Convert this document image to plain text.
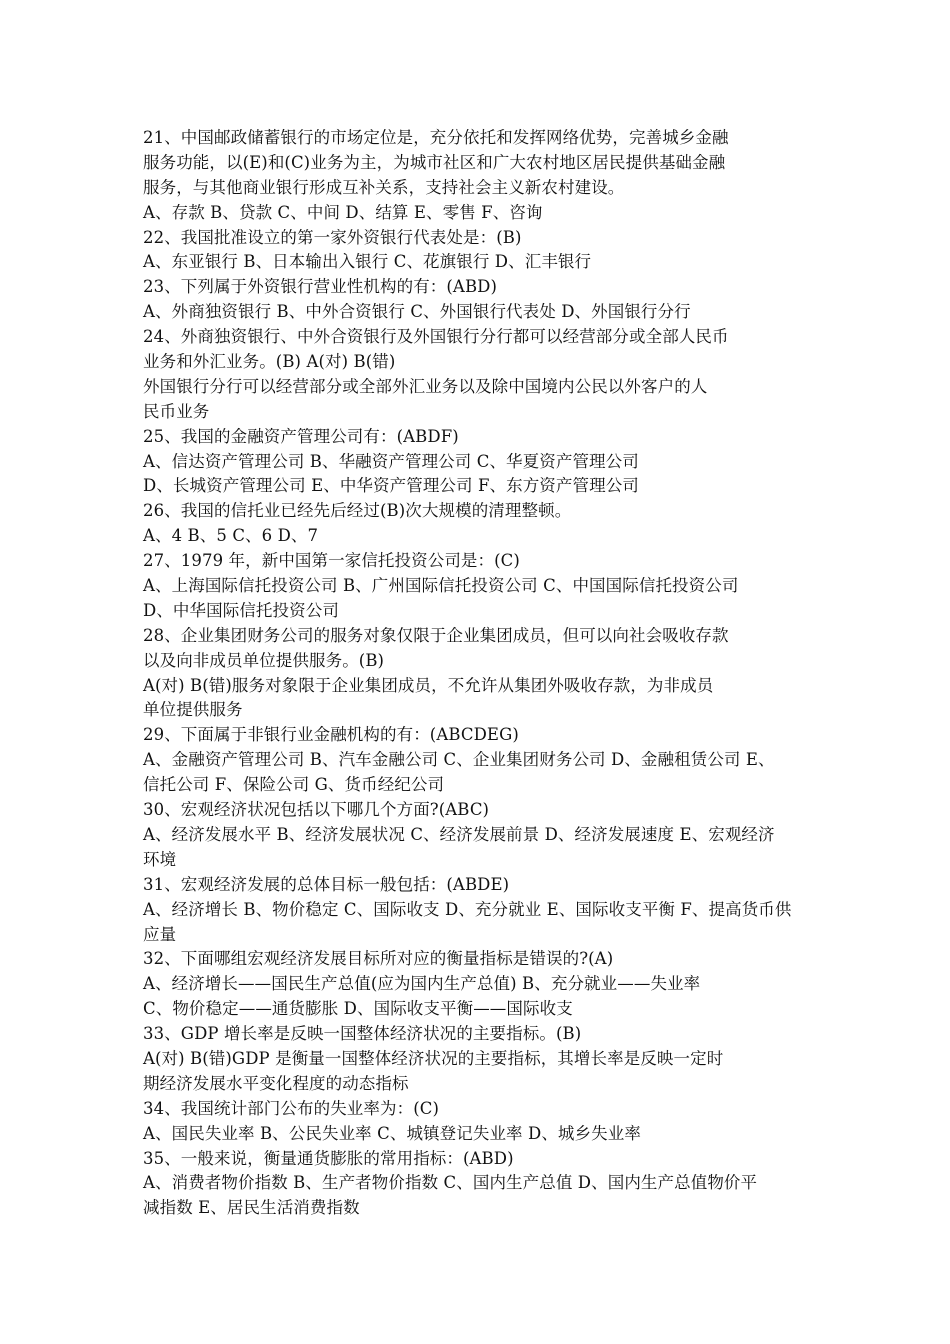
21、中国邮政储蓄银行的市场定位是，充分依托和发挥网络优势，完善城乡金融
服务功能，以(E)和(C)业务为主，为城市社区和广大农村地区居民提供基础金融
服务，与其他商业银行形成互补关系，支持社会主义新农村建设。
A、存款 B、贷款 C、中间 D、结算 E、零售 F、咨询
22、我国批准设立的第一家外资银行代表处是：(B)
A、东亚银行 B、日本输出入银行 C、花旗银行 D、汇丰银行
23、下列属于外资银行营业性机构的有：(ABD)
A、外商独资银行 B、中外合资银行 C、外国银行代表处 D、外国银行分行
24、外商独资银行、中外合资银行及外国银行分行都可以经营部分或全部人民币
业务和外汇业务。(B) A(对) B(错)
外国银行分行可以经营部分或全部外汇业务以及除中国境内公民以外客户的人
民币业务
25、我国的金融资产管理公司有：(ABDF)
A、信达资产管理公司 B、华融资产管理公司 C、华夏资产管理公司
D、长城资产管理公司 E、中华资产管理公司 F、东方资产管理公司
26、我国的信托业已经先后经过(B)次大规模的清理整顿。
A、4 B、5 C、6 D、7
27、1979 年，新中国第一家信托投资公司是：(C)
A、上海国际信托投资公司 B、广州国际信托投资公司 C、中国国际信托投资公司
D、中华国际信托投资公司
28、企业集团财务公司的服务对象仅限于企业集团成员，但可以向社会吸收存款
以及向非成员单位提供服务。(B)
A(对) B(错)服务对象限于企业集团成员，不允许从集团外吸收存款，为非成员
单位提供服务
29、下面属于非银行业金融机构的有：(ABCDEG)
A、金融资产管理公司 B、汽车金融公司 C、企业集团财务公司 D、金融租赁公司 E、
信托公司 F、保险公司 G、货币经纪公司
30、宏观经济状况包括以下哪几个方面?(ABC)
A、经济发展水平 B、经济发展状况 C、经济发展前景 D、经济发展速度 E、宏观经济
环境
31、宏观经济发展的总体目标一般包括：(ABDE)
A、经济增长 B、物价稳定 C、国际收支 D、充分就业 E、国际收支平衡 F、提高货币供
应量
32、下面哪组宏观经济发展目标所对应的衡量指标是错误的?(A)
A、经济增长——国民生产总值(应为国内生产总值) B、充分就业——失业率
C、物价稳定——通货膨胀 D、国际收支平衡——国际收支
33、GDP 增长率是反映一国整体经济状况的主要指标。(B)
A(对) B(错)GDP 是衡量一国整体经济状况的主要指标，其增长率是反映一定时
期经济发展水平变化程度的动态指标
34、我国统计部门公布的失业率为：(C)
A、国民失业率 B、公民失业率 C、城镇登记失业率 D、城乡失业率
35、一般来说，衡量通货膨胀的常用指标：(ABD)
A、消费者物价指数 B、生产者物价指数 C、国内生产总值 D、国内生产总值物价平
减指数 E、居民生活消费指数
